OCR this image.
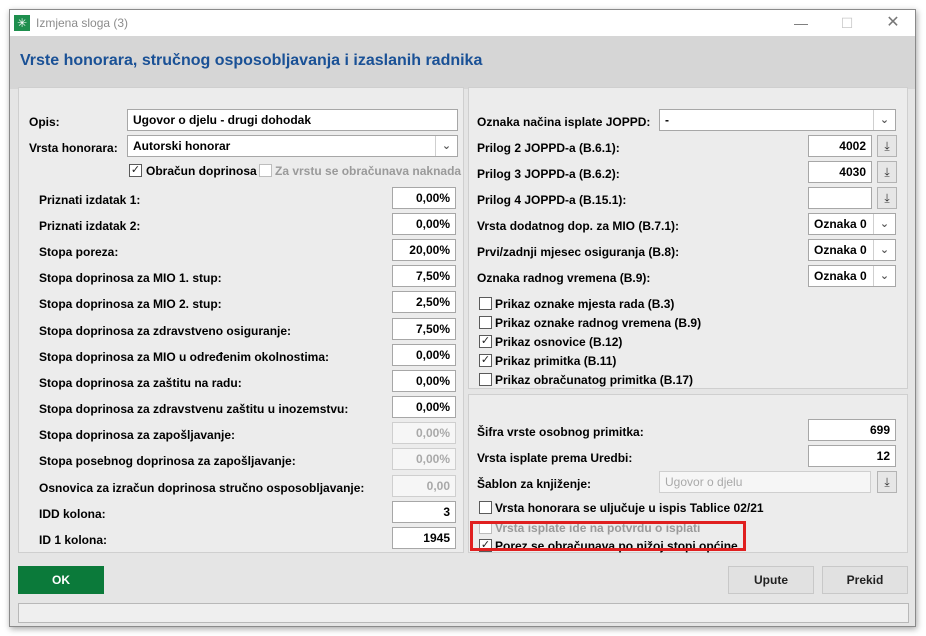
✳ Izmjena sloga (3)	—	☐	✕
Vrste honorara, stručnog osposobljavanja i izaslanih radnika
Opis:	Ugovor o djelu - drugi dohodak
Vrsta honorara:	Autorski honorar	⌄
✓ Obračun doprinosa Za vrstu se obračunava naknada
Priznati izdatak 1:	0,00%
Priznati izdatak 2:	0,00%
Stopa poreza:	20,00%
Stopa doprinosa za MIO 1. stup:	7,50%
Stopa doprinosa za MIO 2. stup:	2,50%
Stopa doprinosa za zdravstveno osiguranje:	7,50%
Stopa doprinosa za MIO u određenim okolnostima:	0,00%
Stopa doprinosa za zaštitu na radu:	0,00%
Stopa doprinosa za zdravstvenu zaštitu u inozemstvu:	0,00%
Stopa doprinosa za zapošljavanje:	0,00%
Stopa posebnog doprinosa za zapošljavanje:	0,00%
Osnovica za izračun doprinosa stručno osposobljavanje:	0,00
IDD kolona:	3
ID 1 kolona:	1945
Oznaka načina isplate JOPPD:	-	⌄
Prilog 2 JOPPD-a (B.6.1):	4002	⤓
Prilog 3 JOPPD-a (B.6.2):	4030	⤓
Prilog 4 JOPPD-a (B.15.1):	⤓
Vrsta dodatnog dop. za MIO (B.7.1):	Oznaka 0	⌄
Prvi/zadnji mjesec osiguranja (B.8):	Oznaka 0	⌄
Oznaka radnog vremena (B.9):	Oznaka 0	⌄
Prikaz oznake mjesta rada (B.3)
Prikaz oznake radnog vremena (B.9)
✓ Prikaz osnovice (B.12)
✓ Prikaz primitka (B.11)
Prikaz obračunatog primitka (B.17)
Šifra vrste osobnog primitka:	699
Vrsta isplate prema Uredbi:	12
Šablon za knjiženje:	Ugovor o djelu	⤓
Vrsta honorara se uljučuje u ispis Tablice 02/21
Vrsta isplate ide na potvrdu o isplati
✓ Porez se obračunava po nižoj stopi općine
OK	Upute	Prekid
